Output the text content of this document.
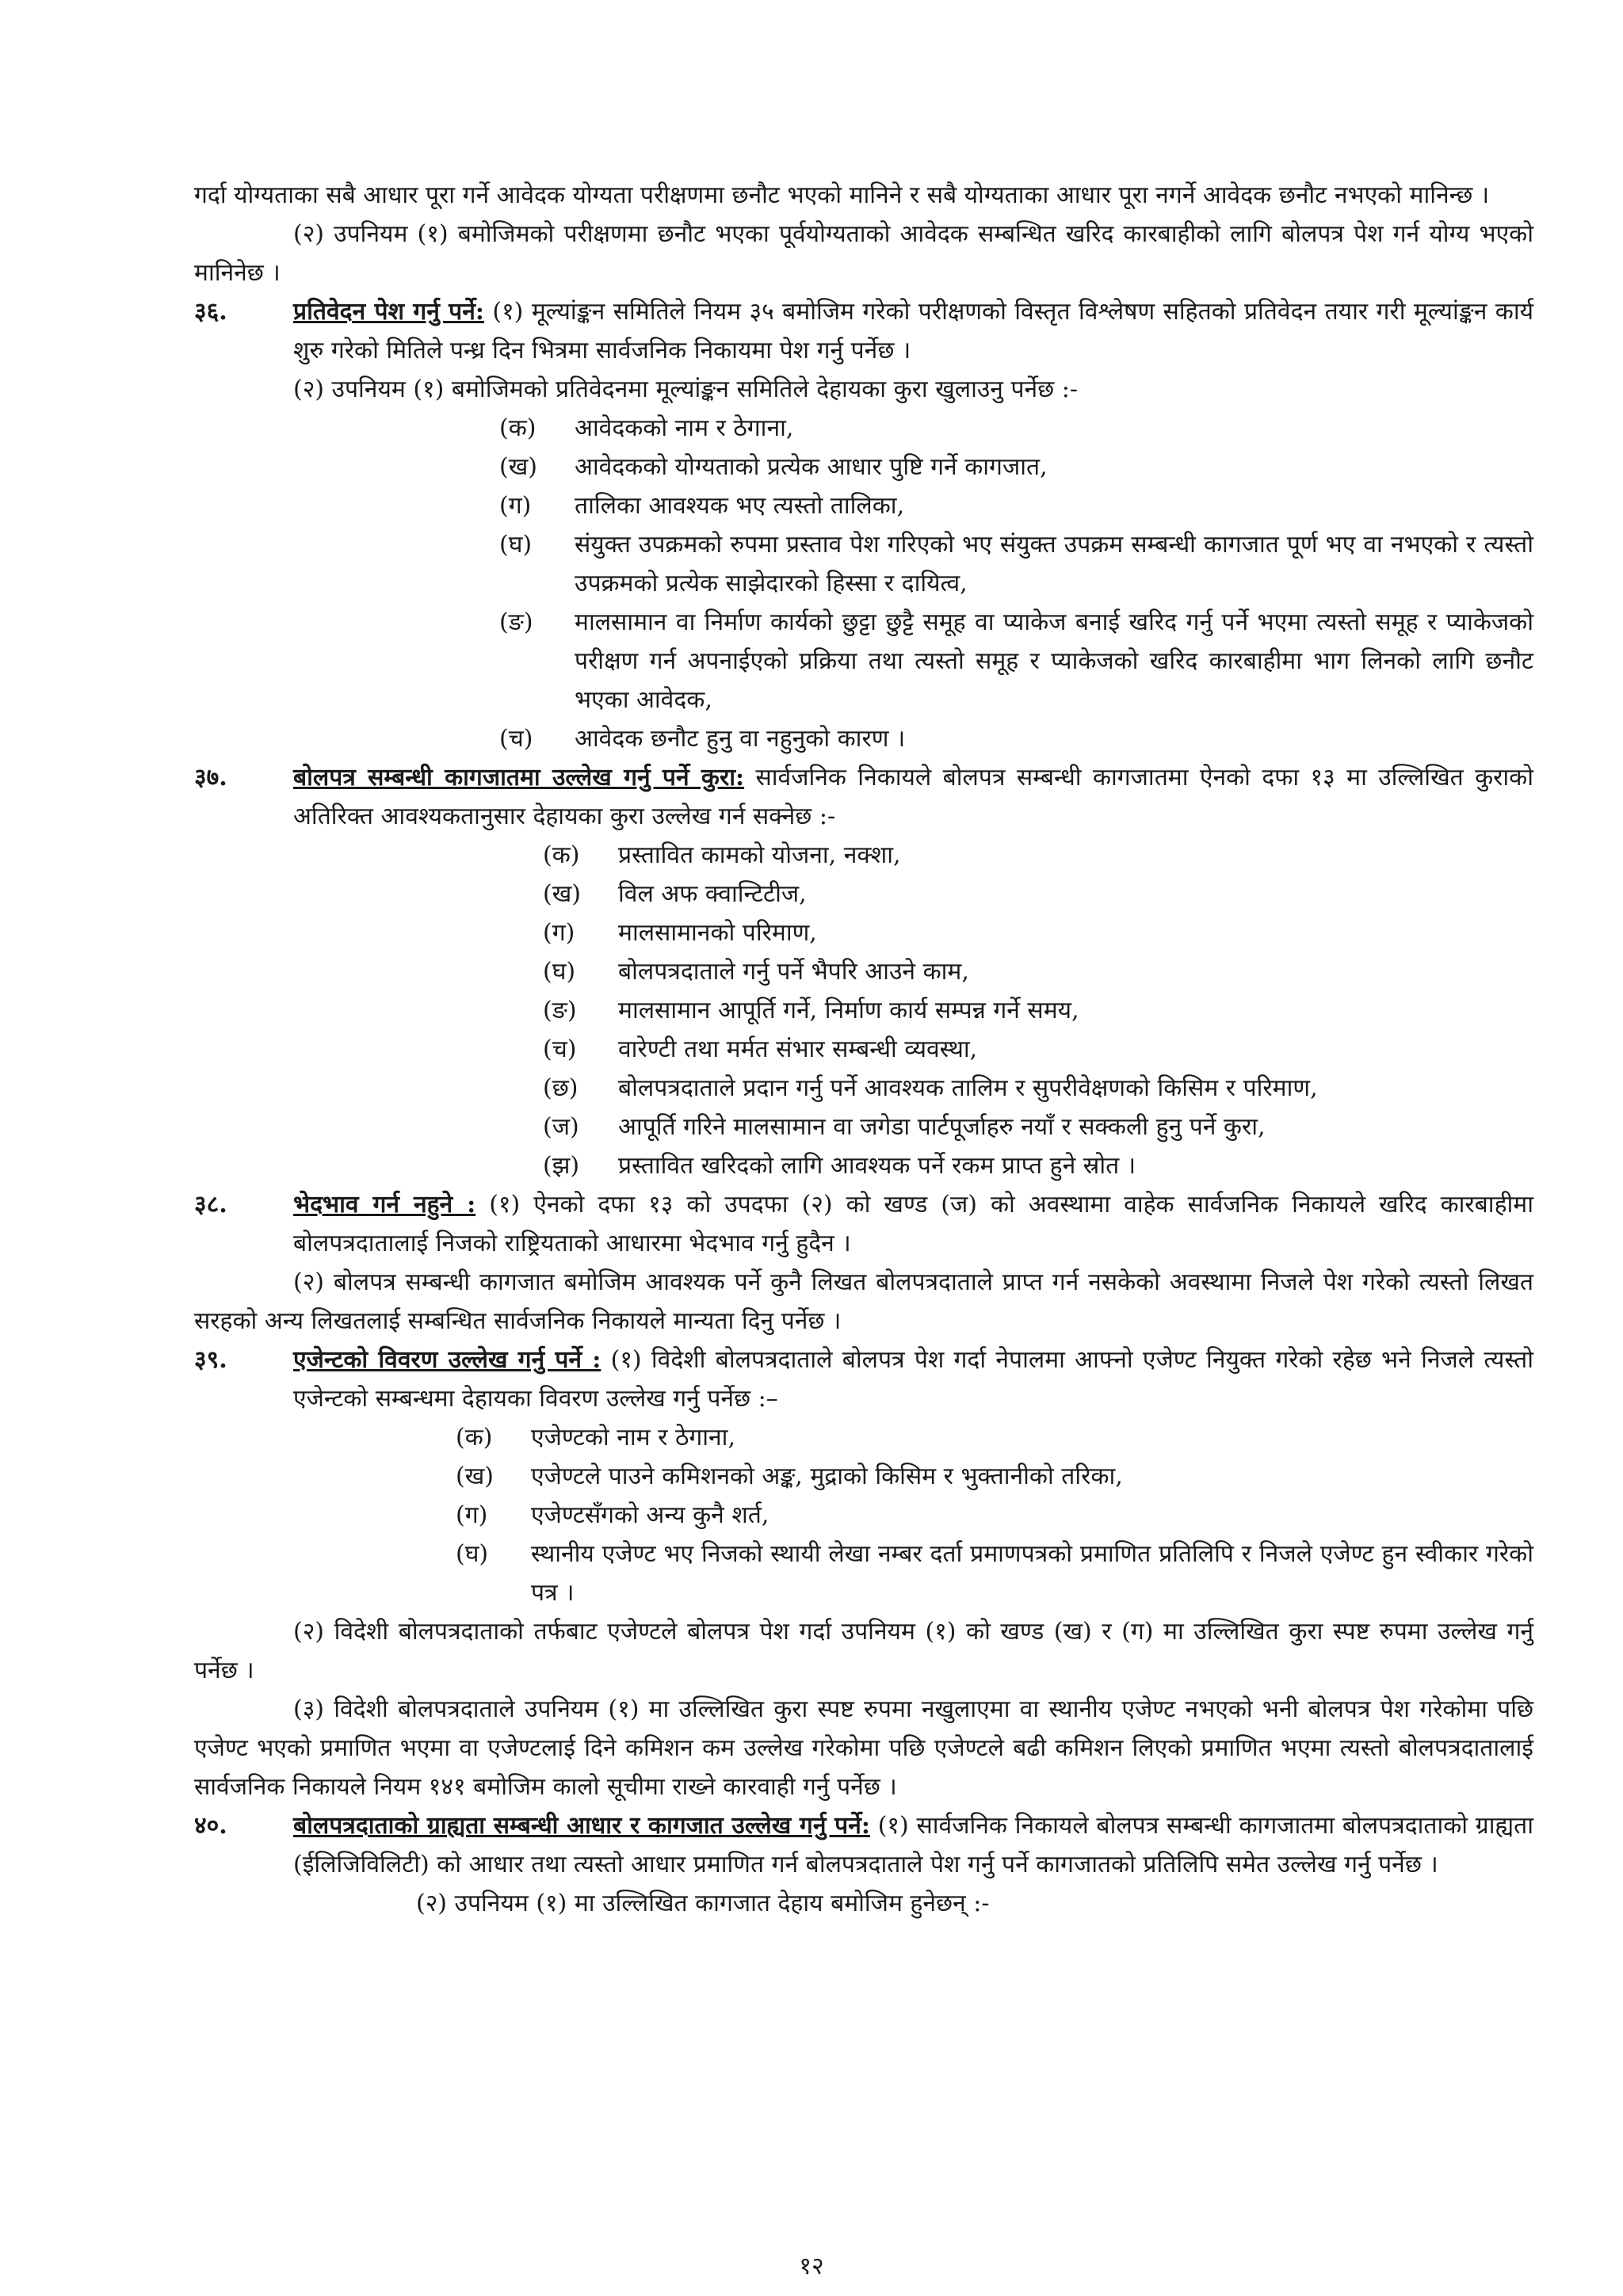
गर्दा योग्यताका सबै आधार पूरा गर्ने आवेदक योग्यता परीक्षणमा छनौट भएको मानिने र सबै योग्यताका आधार पूरा नगर्ने आवेदक छनौट नभएको मानिन्छ ।

(२) उपनियम (१) बमोजिमको परीक्षणमा छनौट भएका पूर्वयोग्यताको आवेदक सम्बन्धित खरिद कारबाहीको लागि बोलपत्र पेश गर्न योग्य भएको मानिनेछ ।

३६.	प्रतिवेदन पेश गर्नु पर्ने: (१) मूल्यांङ्कन समितिले नियम ३५ बमोजिम गरेको परीक्षणको विस्तृत विश्लेषण सहितको प्रतिवेदन तयार गरी मूल्यांङ्कन कार्य शुरु गरेको मितिले पन्ध्र दिन भित्रमा सार्वजनिक निकायमा पेश गर्नु पर्नेछ ।

(२) उपनियम (१) बमोजिमको प्रतिवेदनमा मूल्यांङ्कन समितिले देहायका कुरा खुलाउनु पर्नेछ :-

(क)	आवेदकको नाम र ठेगाना,
(ख)	आवेदकको योग्यताको प्रत्येक आधार पुष्टि गर्ने कागजात,
(ग)	तालिका आवश्यक भए त्यस्तो तालिका,
(घ)	संयुक्त उपक्रमको रुपमा प्रस्ताव पेश गरिएको भए संयुक्त उपक्रम सम्बन्धी कागजात पूर्ण भए वा नभएको र त्यस्तो उपक्रमको प्रत्येक साझेदारको हिस्सा र दायित्व,
(ङ)	मालसामान वा निर्माण कार्यको छुट्टा छुट्टै समूह वा प्याकेज बनाई खरिद गर्नु पर्ने भएमा त्यस्तो समूह र प्याकेजको परीक्षण गर्न अपनाईएको प्रक्रिया तथा त्यस्तो समूह र प्याकेजको खरिद कारबाहीमा भाग लिनको लागि छनौट भएका आवेदक,
(च)	आवेदक छनौट हुनु वा नहुनुको कारण ।
३७.	बोलपत्र सम्बन्धी कागजातमा उल्लेख गर्नु पर्ने कुरा: सार्वजनिक निकायले बोलपत्र सम्बन्धी कागजातमा ऐनको दफा १३ मा उल्लिखित कुराको अतिरिक्त आवश्यकतानुसार देहायका कुरा उल्लेख गर्न सक्नेछ :-

(क)	प्रस्तावित कामको योजना, नक्शा,
(ख)	विल अफ क्वान्टिटीज,
(ग)	मालसामानको परिमाण,
(घ)	बोलपत्रदाताले गर्नु पर्ने भैपरि आउने काम,
(ङ)	मालसामान आपूर्ति गर्ने, निर्माण कार्य सम्पन्न गर्ने समय,
(च)	वारेण्टी तथा मर्मत संभार सम्बन्धी व्यवस्था,
(छ)	बोलपत्रदाताले प्रदान गर्नु पर्ने आवश्यक तालिम र सुपरीवेक्षणको किसिम र परिमाण,
(ज)	आपूर्ति गरिने मालसामान वा जगेडा पार्टपूर्जाहरु नयाँ र सक्कली हुनु पर्ने कुरा,
(झ)	प्रस्तावित खरिदको लागि आवश्यक पर्ने रकम प्राप्त हुने स्रोत ।
३८.	भेदभाव गर्न नहुने : (१) ऐनको दफा १३ को उपदफा (२) को खण्ड (ज) को अवस्थामा वाहेक सार्वजनिक निकायले खरिद कारबाहीमा बोलपत्रदातालाई निजको राष्ट्रियताको आधारमा भेदभाव गर्नु हुदैन ।

(२) बोलपत्र सम्बन्धी कागजात बमोजिम आवश्यक पर्ने कुनै लिखत बोलपत्रदाताले प्राप्त गर्न नसकेको अवस्थामा निजले पेश गरेको त्यस्तो लिखत सरहको अन्य लिखतलाई सम्बन्धित सार्वजनिक निकायले मान्यता दिनु पर्नेछ ।

३९.	एजेन्टको विवरण उल्लेख गर्नु पर्ने : (१) विदेशी बोलपत्रदाताले बोलपत्र पेश गर्दा नेपालमा आफ्नो एजेण्ट नियुक्त गरेको रहेछ भने निजले त्यस्तो एजेन्टको सम्बन्धमा देहायका विवरण उल्लेख गर्नु पर्नेछ :–

(क)	एजेण्टको नाम र ठेगाना,
(ख)	एजेण्टले पाउने कमिशनको अङ्क, मुद्राको किसिम र भुक्तानीको तरिका,
(ग)	एजेण्टसँगको अन्य कुनै शर्त,
(घ)	स्थानीय एजेण्ट भए निजको स्थायी लेखा नम्बर दर्ता प्रमाणपत्रको प्रमाणित प्रतिलिपि र निजले एजेण्ट हुन स्वीकार गरेको पत्र ।

(२) विदेशी बोलपत्रदाताको तर्फबाट एजेण्टले बोलपत्र पेश गर्दा उपनियम (१) को खण्ड (ख) र (ग) मा उल्लिखित कुरा स्पष्ट रुपमा उल्लेख गर्नु पर्नेछ ।

(३) विदेशी बोलपत्रदाताले उपनियम (१) मा उल्लिखित कुरा स्पष्ट रुपमा नखुलाएमा वा स्थानीय एजेण्ट नभएको भनी बोलपत्र पेश गरेकोमा पछि एजेण्ट भएको प्रमाणित भएमा वा एजेण्टलाई दिने कमिशन कम उल्लेख गरेकोमा पछि एजेण्टले बढी कमिशन लिएको प्रमाणित भएमा त्यस्तो बोलपत्रदातालाई सार्वजनिक निकायले नियम १४१ बमोजिम कालो सूचीमा राख्ने कारवाही गर्नु पर्नेछ ।

४०.	बोलपत्रदाताको ग्राह्यता सम्बन्धी आधार र कागजात उल्लेख गर्नु पर्ने: (१) सार्वजनिक निकायले बोलपत्र सम्बन्धी कागजातमा बोलपत्रदाताको ग्राह्यता (ईलिजिविलिटी) को आधार तथा त्यस्तो आधार प्रमाणित गर्न बोलपत्रदाताले पेश गर्नु पर्ने कागजातको प्रतिलिपि समेत उल्लेख गर्नु पर्नेछ ।

(२) उपनियम (१) मा उल्लिखित कागजात देहाय बमोजिम हुनेछन् :-

१२
